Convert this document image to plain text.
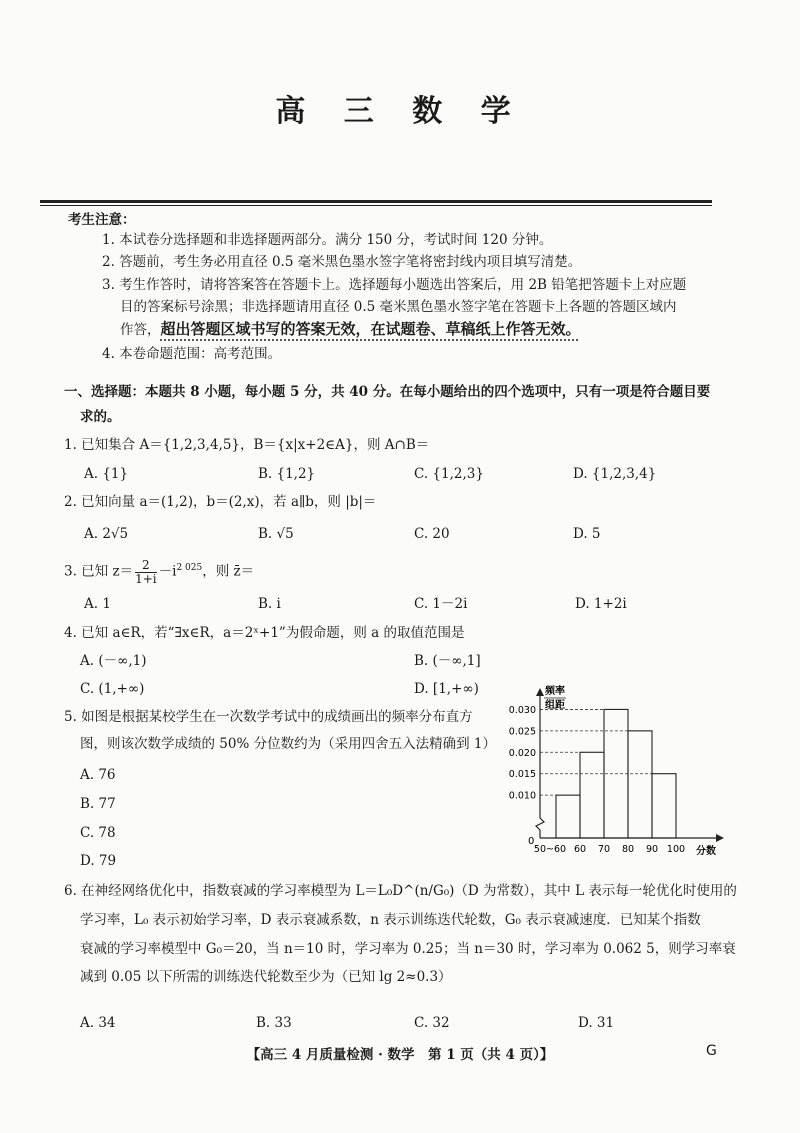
高 三 数 学
考生注意：
1. 本试卷分选择题和非选择题两部分。满分 150 分，考试时间 120 分钟。
2. 答题前，考生务必用直径 0.5 毫米黑色墨水签字笔将密封线内项目填写清楚。
3. 考生作答时，请将答案答在答题卡上。选择题每小题选出答案后，用 2B 铅笔把答题卡上对应题
目的答案标号涂黑；非选择题请用直径 0.5 毫米黑色墨水签字笔在答题卡上各题的答题区域内
作答，超出答题区域书写的答案无效，在试题卷、草稿纸上作答无效。
4. 本卷命题范围：高考范围。
一、选择题：本题共 8 小题，每小题 5 分，共 40 分。在每小题给出的四个选项中，只有一项是符合题目要
求的。
1. 已知集合 A＝{1,2,3,4,5}，B＝{x|x+2∈A}，则 A∩B＝
A. {1}	B. {1,2}	C. {1,2,3}	D. {1,2,3,4}
2. 已知向量 a＝(1,2)，b＝(2,x)，若 a∥b，则 |b|＝
A. 2√5	B. √5	C. 20	D. 5
3. 已知 $z= \frac{2}{1+i} -i^{2 025}$，则 z̄＝
A. 1	B. i	C. 1－2i	D. 1+2i
4. 已知 a∈R，若“∃x∈R，a＝2ˣ+1”为假命题，则 a 的取值范围是
A. (－∞,1)	B. (－∞,1]
C. (1,+∞)	D. [1,+∞)
5. 如图是根据某校学生在一次数学考试中的成绩画出的频率分布直方
图，则该次数学成绩的 50% 分位数约为（采用四舍五入法精确到 1）
A. 76
B. 77
C. 78
D. 79
频率
组距
0
分数
0.010
0.015
0.020
0.025
0.030
50~60 60 70 80 90 100
6. 在神经网络优化中，指数衰减的学习率模型为 L＝L₀D^(n/G₀)（D 为常数），其中 L 表示每一轮优化时使用的
学习率，L₀ 表示初始学习率，D 表示衰减系数，n 表示训练迭代轮数，G₀ 表示衰减速度．已知某个指数
衰减的学习率模型中 G₀＝20，当 n＝10 时，学习率为 0.25；当 n＝30 时，学习率为 0.062 5，则学习率衰
减到 0.05 以下所需的训练迭代轮数至少为（已知 lg 2≈0.3）
A. 34	B. 33	C. 32	D. 31
【高三 4 月质量检测 · 数学　第 1 页（共 4 页）】	G
